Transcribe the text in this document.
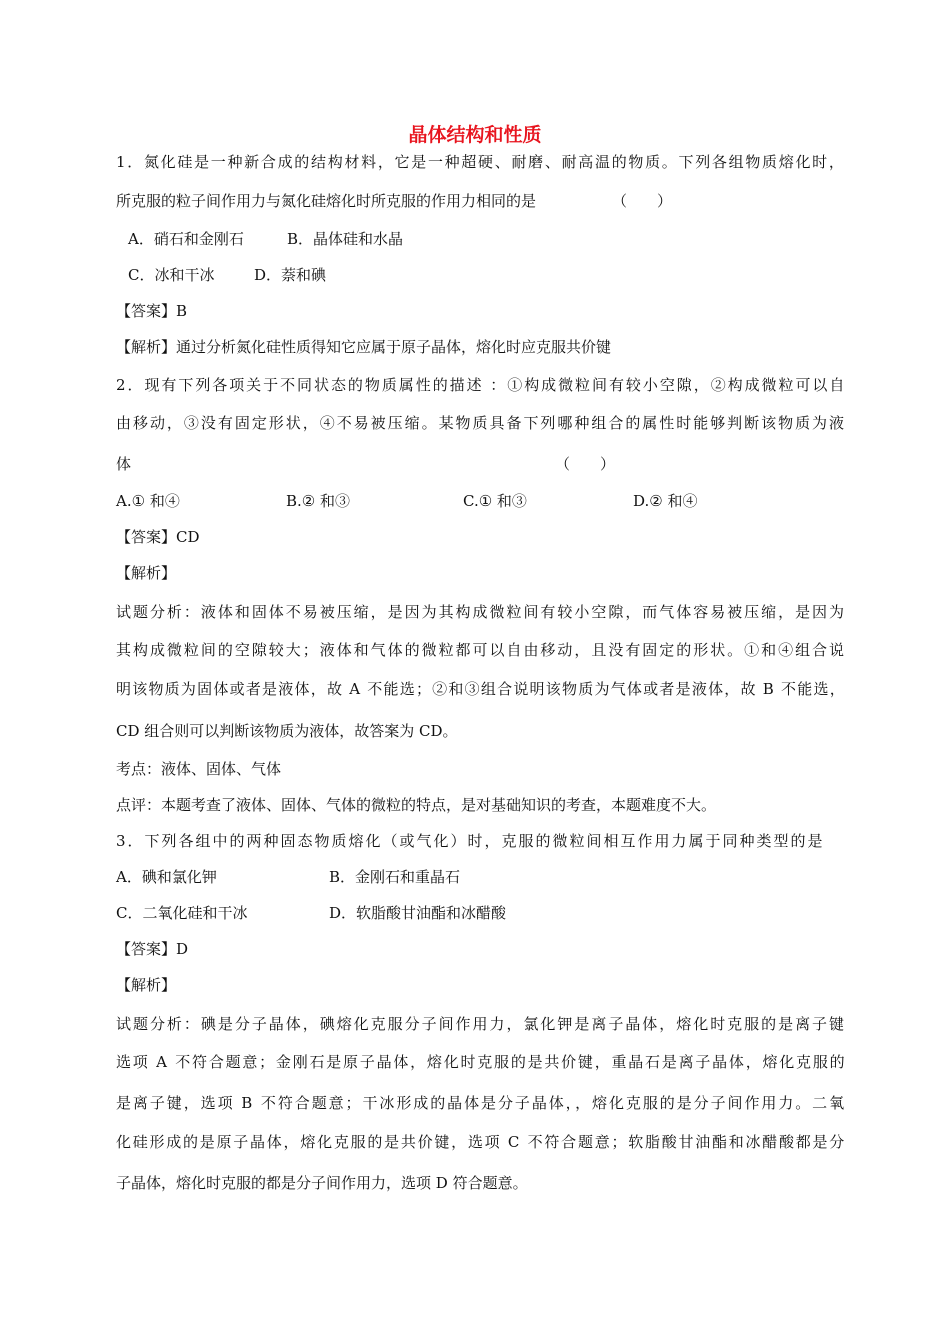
晶体结构和性质
1．氮化硅是一种新合成的结构材料，它是一种超硬、耐磨、耐高温的物质。下列各组物质熔化时，
所克服的粒子间作用力与氮化硅熔化时所克服的作用力相同的是	（　　）
A．硝石和金刚石	B．晶体硅和水晶
C．冰和干冰	D．萘和碘
【答案】B
【解析】通过分析氮化硅性质得知它应属于原子晶体，熔化时应克服共价键
2．现有下列各项关于不同状态的物质属性的描述 ：①构成微粒间有较小空隙，②构成微粒可以自
由移动，③没有固定形状，④不易被压缩。某物质具备下列哪种组合的属性时能够判断该物质为液
体	（　　）
A.① 和④	B.② 和③	C.① 和③	D.② 和④
【答案】CD
【解析】
试题分析：液体和固体不易被压缩，是因为其构成微粒间有较小空隙，而气体容易被压缩，是因为
其构成微粒间的空隙较大；液体和气体的微粒都可以自由移动，且没有固定的形状。①和④组合说
明该物质为固体或者是液体，故 A 不能选；②和③组合说明该物质为气体或者是液体，故 B 不能选，
CD 组合则可以判断该物质为液体，故答案为 CD。
考点：液体、固体、气体
点评：本题考查了液体、固体、气体的微粒的特点，是对基础知识的考查，本题难度不大。
3．下列各组中的两种固态物质熔化（或气化）时，克服的微粒间相互作用力属于同种类型的是
A．碘和氯化钾	B．金刚石和重晶石
C．二氧化硅和干冰	D．软脂酸甘油酯和冰醋酸
【答案】D
【解析】
试题分析：碘是分子晶体，碘熔化克服分子间作用力，氯化钾是离子晶体，熔化时克服的是离子键
选项 A 不符合题意；金刚石是原子晶体，熔化时克服的是共价键，重晶石是离子晶体，熔化克服的
是离子键，选项 B 不符合题意；干冰形成的晶体是分子晶体，，熔化克服的是分子间作用力。二氧
化硅形成的是原子晶体，熔化克服的是共价键，选项 C 不符合题意；软脂酸甘油酯和冰醋酸都是分
子晶体，熔化时克服的都是分子间作用力，选项 D 符合题意。
